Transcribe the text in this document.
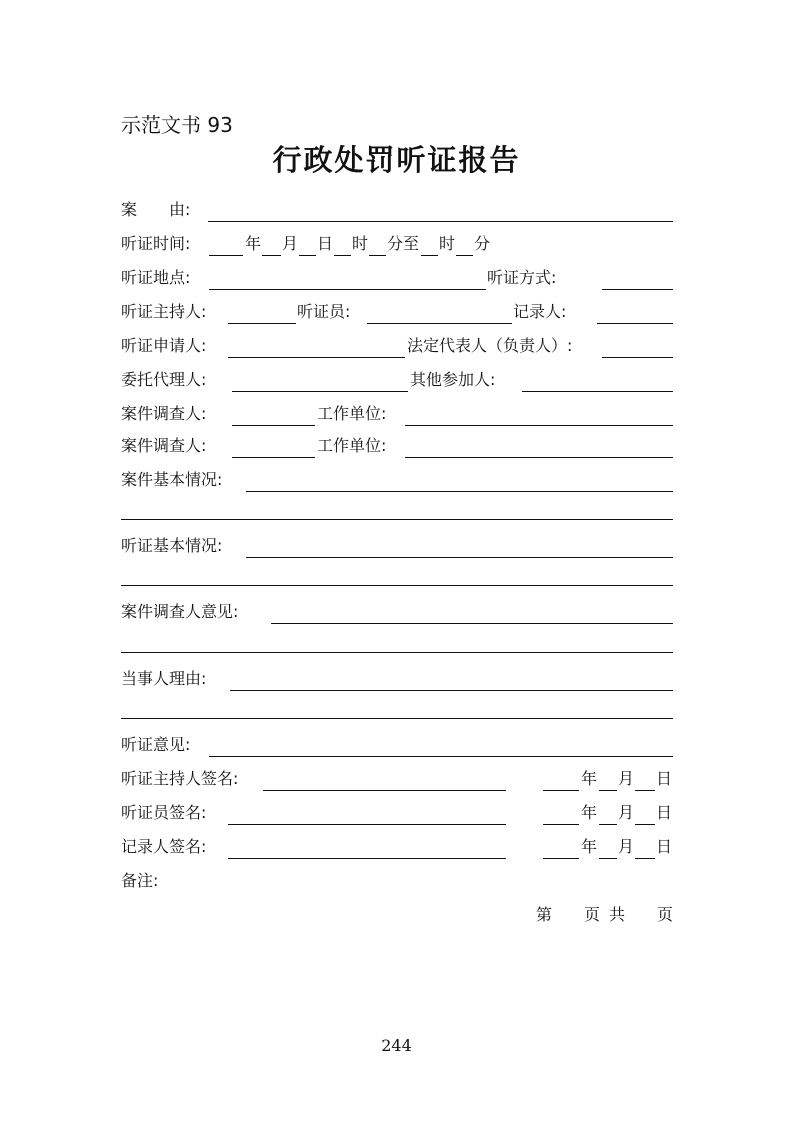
示范文书 93
行政处罚听证报告
案　　由:
听证时间:	年 月 日 时 分至 时 分
听证地点:	听证方式:
听证主持人:	听证员:	记录人:
听证申请人:	法定代表人（负责人）:
委托代理人:	其他参加人:
案件调查人:	工作单位:
案件调查人:	工作单位:
案件基本情况:
听证基本情况:
案件调查人意见:
当事人理由:
听证意见:
听证主持人签名:	年 月 日
听证员签名:	年 月 日
记录人签名:	年 月 日
备注:
第 页 共 页
244
